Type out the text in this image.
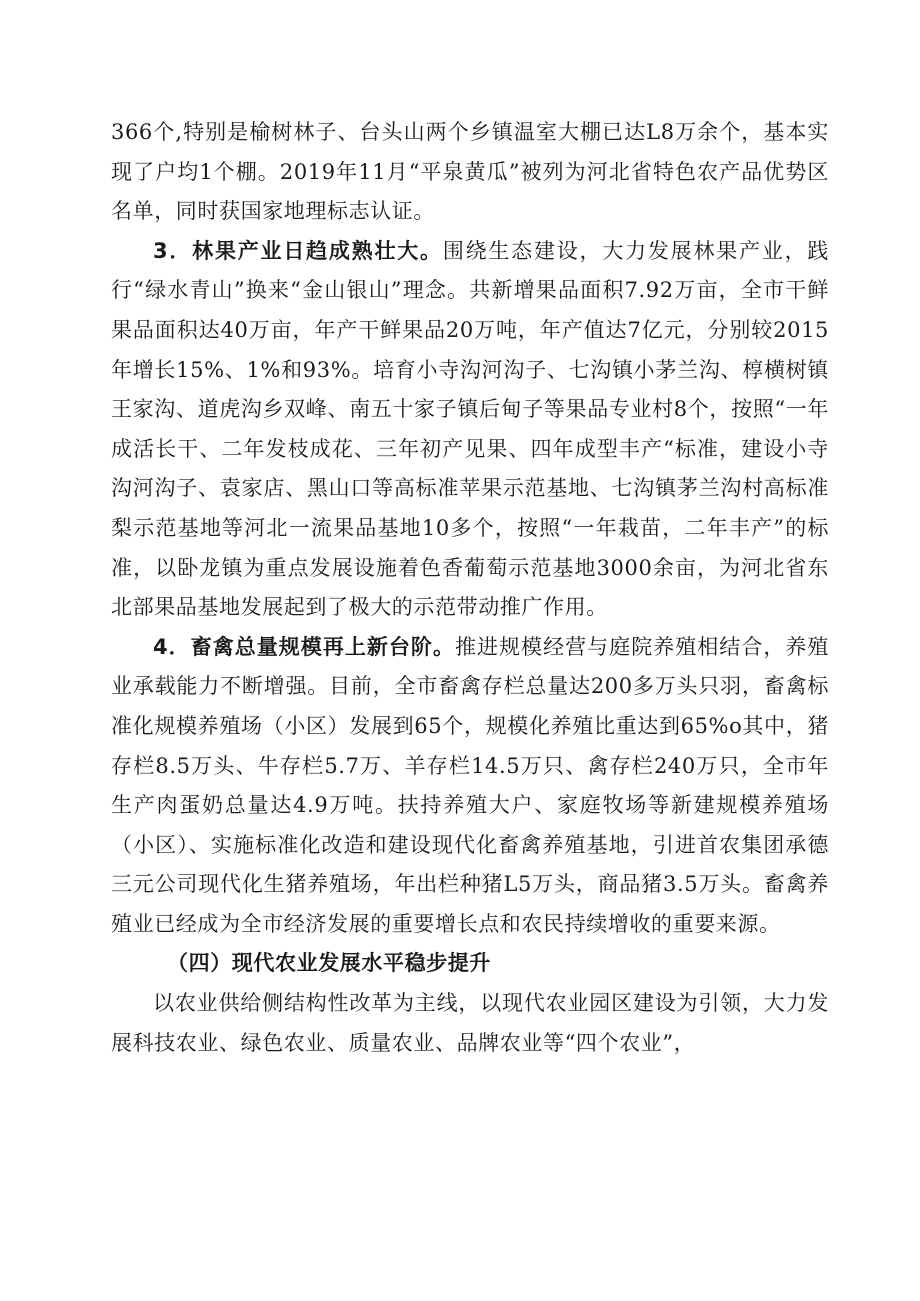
366个,特别是榆树林子、台头山两个乡镇温室大棚已达L8万余个，基本实现了户均1个棚。2019年11月“平泉黄瓜”被列为河北省特色农产品优势区名单，同时获国家地理标志认证。

3．林果产业日趋成熟壮大。围绕生态建设，大力发展林果产业，践行“绿水青山”换来“金山银山”理念。共新增果品面积7.92万亩，全市干鲜果品面积达40万亩，年产干鲜果品20万吨，年产值达7亿元，分别较2015年增长15%、1%和93%。培育小寺沟河沟子、七沟镇小茅兰沟、椁横树镇王家沟、道虎沟乡双峰、南五十家子镇后甸子等果品专业村8个，按照“一年成活长干、二年发枝成花、三年初产见果、四年成型丰产“标准，建设小寺沟河沟子、袁家店、黑山口等高标准苹果示范基地、七沟镇茅兰沟村高标准梨示范基地等河北一流果品基地10多个，按照“一年栽苗，二年丰产”的标准，以卧龙镇为重点发展设施着色香葡萄示范基地3000余亩，为河北省东北部果品基地发展起到了极大的示范带动推广作用。

4．畜禽总量规模再上新台阶。推进规模经营与庭院养殖相结合，养殖业承载能力不断增强。目前，全市畜禽存栏总量达200多万头只羽，畜禽标准化规模养殖场（小区）发展到65个，规模化养殖比重达到65%o其中，猪存栏8.5万头、牛存栏5.7万、羊存栏14.5万只、禽存栏240万只，全市年生产肉蛋奶总量达4.9万吨。扶持养殖大户、家庭牧场等新建规模养殖场（小区）、实施标准化改造和建设现代化畜禽养殖基地，引进首农集团承德三元公司现代化生猪养殖场，年出栏种猪L5万头，商品猪3.5万头。畜禽养殖业已经成为全市经济发展的重要增长点和农民持续增收的重要来源。

（四）现代农业发展水平稳步提升

以农业供给侧结构性改革为主线，以现代农业园区建设为引领，大力发展科技农业、绿色农业、质量农业、品牌农业等“四个农业”，
